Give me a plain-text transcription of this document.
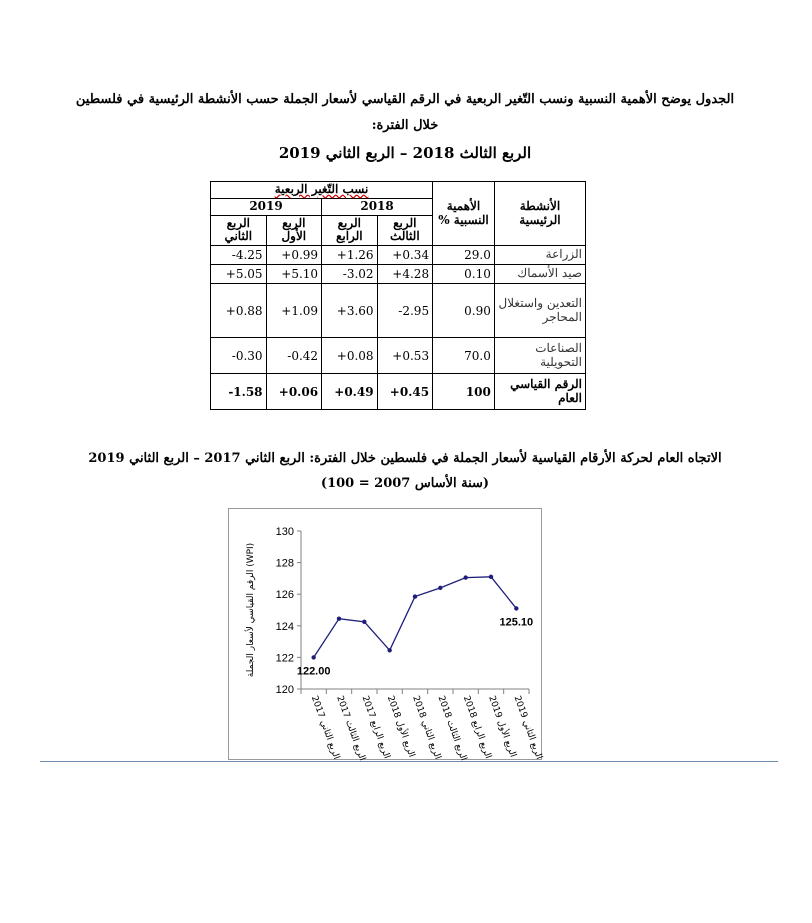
الجدول يوضح الأهمية النسبية ونسب التّغير الربعية في الرقم القياسي لأسعار الجملة حسب الأنشطة الرئيسية في فلسطين
خلال الفترة:
الربع الثالث 2018 – الربع الثاني 2019
الأنشطة الرئيسية	الأهمية النسبية %	نسب التّغير الربعية			
		2018		2019	
		الربع الثالث	الربع الرابع	الربع الأول	الربع الثاني
الزراعة	29.0	0.34+	1.26+	0.99+	4.25-
صيد الأسماك	0.10	4.28+	3.02-	5.10+	5.05+
التعدين واستغلال المحاجر	0.90	2.95-	3.60+	1.09+	0.88+
الصناعات التحويلية	70.0	0.53+	0.08+	0.42-	0.30-
الرقم القياسي العام	100	0.45+	0.49+	0.06+	1.58-
الاتجاه العام لحركة الأرقام القياسية لأسعار الجملة في فلسطين خلال الفترة: الربع الثاني 2017 – الربع الثاني 2019
(سنة الأساس 2007 = 100)
120
122
124
126
128
130
الربع الثاني 2017
الربع الثالث 2017
الربع الرابع 2017
الربع الأول 2018
الربع الثاني 2018
الربع الثالث 2018
الربع الرابع 2018
الربع الأول 2019
الربع الثاني 2019
الرقم القياسي لأسعار الجملة (WPI)
122.00
125.10
